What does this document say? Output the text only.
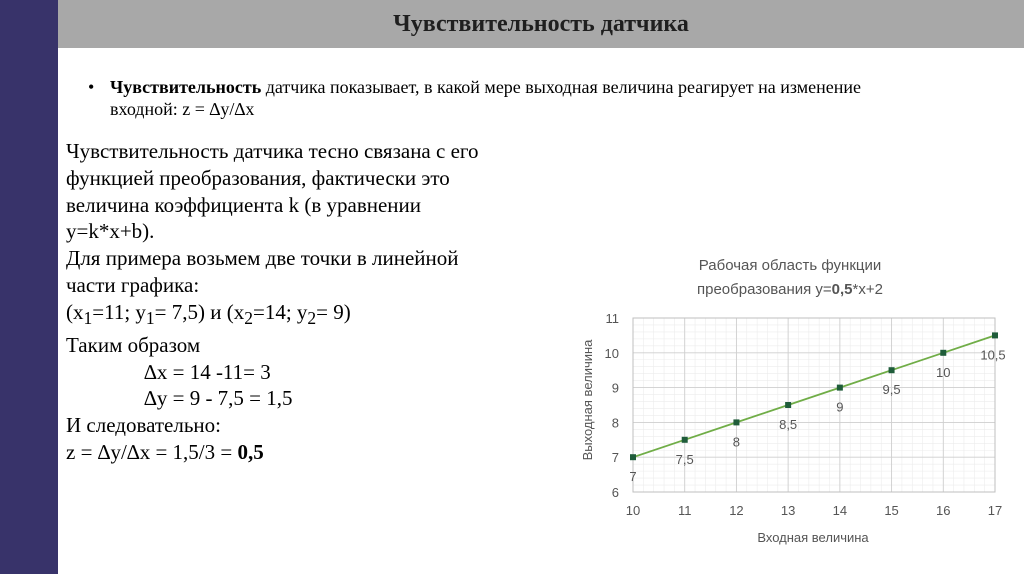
Чувствительность датчика
• Чувствительность датчика показывает, в какой мере выходная величина реагирует на изменение
входной: z = ∆y/∆x
Чувствительность датчика тесно связана с его
функцией преобразования, фактически это
величина коэффициента k (в уравнении
y=k*x+b).
Для примера возьмем две точки в линейной
части графика:
($x_1=11$; $y_1= 7,5$) и ($x_2=14$; $y_2= 9$)
Таким образом
∆x = 14 -11= 3
∆y = 9 - 7,5 = 1,5
И следовательно:
z = ∆y/∆x = 1,5/3 = 0,5
Рабочая область функции
преобразования y=0,5*x+2
10	11	12	13	14	15	16	17
6
7
8
9
10
11
7
7,5
8
8,5
9
9,5
10
10,5
Входная величина
Выходная величина
